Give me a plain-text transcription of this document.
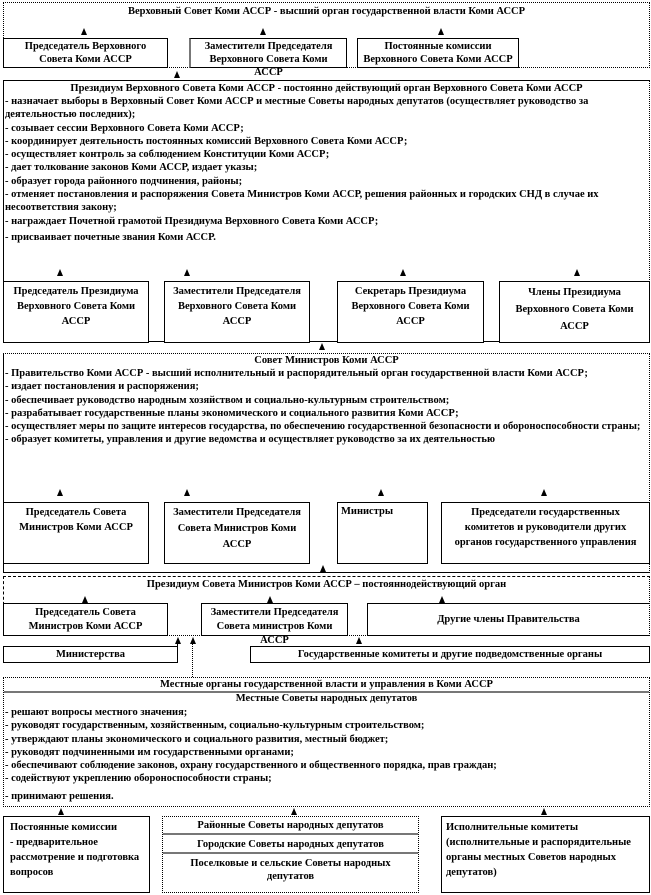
Верховный Совет Коми АССР - высший орган государственной власти Коми АССР
Председатель Верховного Совета Коми АССР
Заместители Председателя Верховного Совета Коми АССР
Постоянные комиссии Верховного Совета Коми АССР
Президиум Верховного Совета Коми АССР - постоянно действующий орган Верховного Совета Коми АССР
- назначает выборы в Верховный Совет Коми АССР и местные Советы народных депутатов (осуществляет руководство за деятельностью последних);
- созывает сессии Верховного Совета Коми АССР;
- координирует деятельность постоянных комиссий Верховного Совета Коми АССР;
- осуществляет контроль за соблюдением Конституции Коми АССР;
- дает толкование законов Коми АССР, издает указы;
- образует города районного подчинения, районы;
- отменяет постановления и распоряжения Совета Министров Коми АССР, решения районных и городских СНД в случае их несоответствия закону;
- награждает Почетной грамотой Президиума Верховного Совета Коми АССР;
- присваивает почетные звания Коми АССР.
Председатель Президиума Верховного Совета Коми АССР
Заместители Председателя Верховного Совета Коми АССР
Секретарь Президиума Верховного Совета Коми АССР
Члены Президиума Верховного Совета Коми АССР
Совет Министров Коми АССР
- Правительство Коми АССР - высший исполнительный и распорядительный орган государственной власти Коми АССР;
- издает постановления и распоряжения;
- обеспечивает руководство народным хозяйством и социально-культурным строительством;
- разрабатывает государственные планы экономического и социального развития Коми АССР;
- осуществляет меры по защите интересов государства, по обеспечению государственной безопасности и обороноспособности страны;
- образует комитеты, управления и другие ведомства и осуществляет руководство за их деятельностью
Председатель Совета Министров Коми АССР
Заместители Председателя Совета Министров Коми АССР
Министры	Председатели государственных комитетов и руководители других органов государственного управления
Президиум Совета Министров Коми АССР – постояннодействующий орган
Председатель Совета Министров Коми АССР
Заместители Председателя Совета министров Коми АССР
Другие члены Правительства
Министерства	Государственные комитеты и другие подведомственные органы
Местные органы государственной власти и управления в Коми АССР
Местные Советы народных депутатов
- решают вопросы местного значения;
- руководят государственным, хозяйственным, социально-культурным строительством;
- утверждают планы экономического и социального развития, местный бюджет;
- руководят подчиненными им государственными органами;
- обеспечивают соблюдение законов, охрану государственного и общественного порядка, прав граждан;
- содействуют укреплению обороноспособности страны;
- принимают решения.
Постоянные комиссии
- предварительное рассмотрение и подготовка вопросов
Районные Советы народных депутатов
Городские Советы народных депутатов
Поселковые и сельские Советы народных депутатов
Исполнительные комитеты (исполнительные и распорядительные органы местных Советов народных депутатов)
